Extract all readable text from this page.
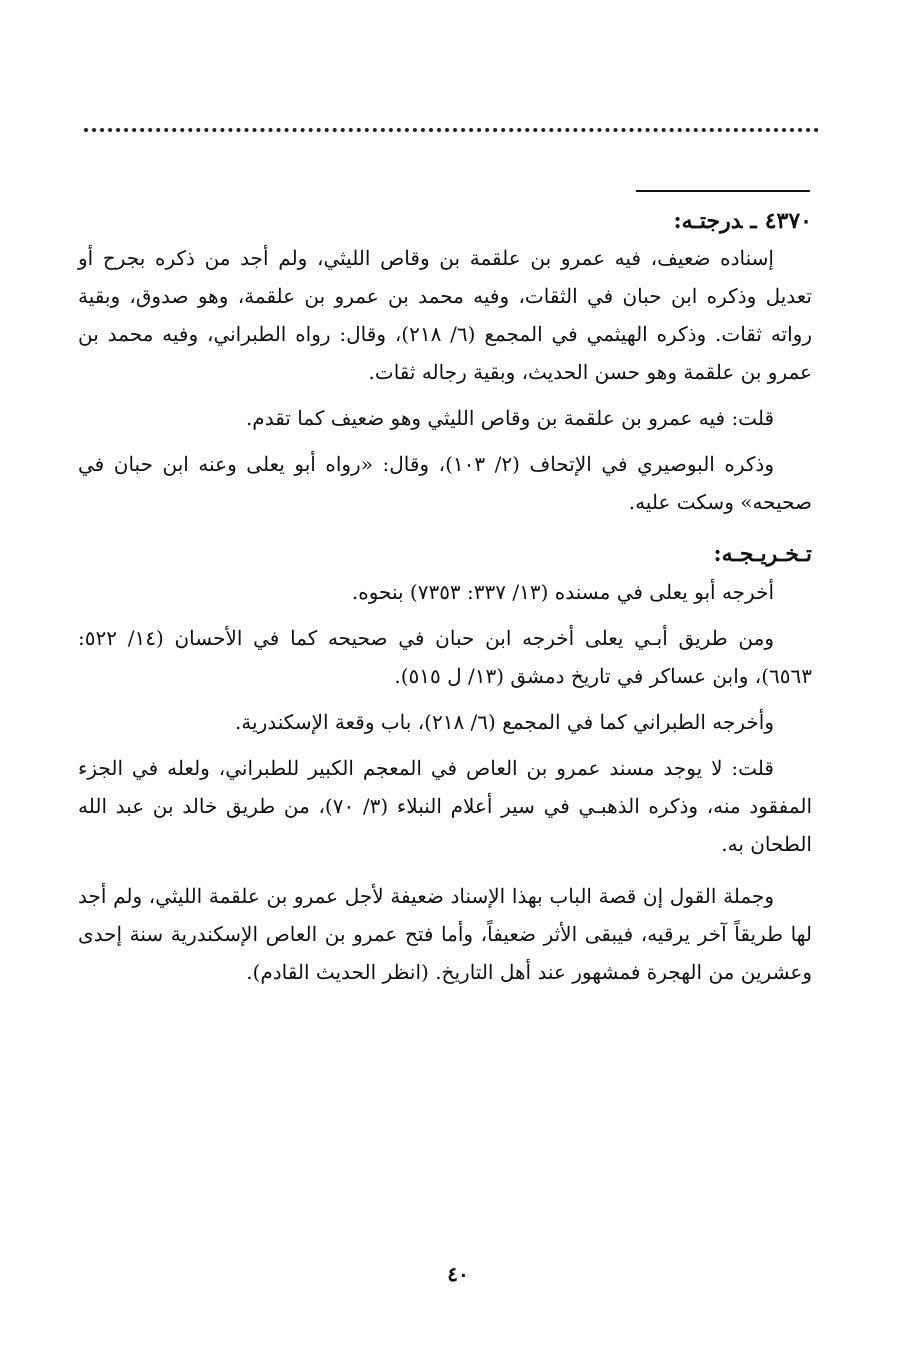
٤٣٧٠ـدرجتـه:

إسناده ضعيف، فيه عمرو بن علقمة بن وقاص الليثي، ولم أجد من ذكره بجرح أو تعديل وذكره ابن حبان في الثقات، وفيه محمد بن عمرو بن علقمة، وهو صدوق، وبقية رواته ثقات. وذكره الهيثمي في المجمع (٦/ ٢١٨)، وقال: رواه الطبراني، وفيه محمد بن عمرو بن علقمة وهو حسن الحديث، وبقية رجاله ثقات.

قلت: فيه عمرو بن علقمة بن وقاص الليثي وهو ضعيف كما تقدم.

وذكره البوصيري في الإتحاف (٢/ ١٠٣)، وقال: «رواه أبو يعلى وعنه ابن حبان في صحيحه» وسكت عليه.

تـخـريـجـه:

أخرجه أبو يعلى في مسنده (١٣/ ٣٣٧: ٧٣٥٣) بنحوه.

ومن طريق أبـي يعلى أخرجه ابن حبان في صحيحه كما في الأحسان (١٤/ ٥٢٢: ٦٥٦٣)، وابن عساكر في تاريخ دمشق (١٣/ ل ٥١٥).

وأخرجه الطبراني كما في المجمع (٦/ ٢١٨)، باب وقعة الإسكندرية.

قلت: لا يوجد مسند عمرو بن العاص في المعجم الكبير للطبراني، ولعله في الجزء المفقود منه، وذكره الذهبـي في سير أعلام النبلاء (٣/ ٧٠)، من طريق خالد بن عبد الله الطحان به.

وجملة القول إن قصة الباب بهذا الإسناد ضعيفة لأجل عمرو بن علقمة الليثي، ولم أجد لها طريقاً آخر يرقيه، فيبقى الأثر ضعيفاً، وأما فتح عمرو بن العاص الإسكندرية سنة إحدى وعشرين من الهجرة فمشهور عند أهل التاريخ. (انظر الحديث القادم).

٤٠
